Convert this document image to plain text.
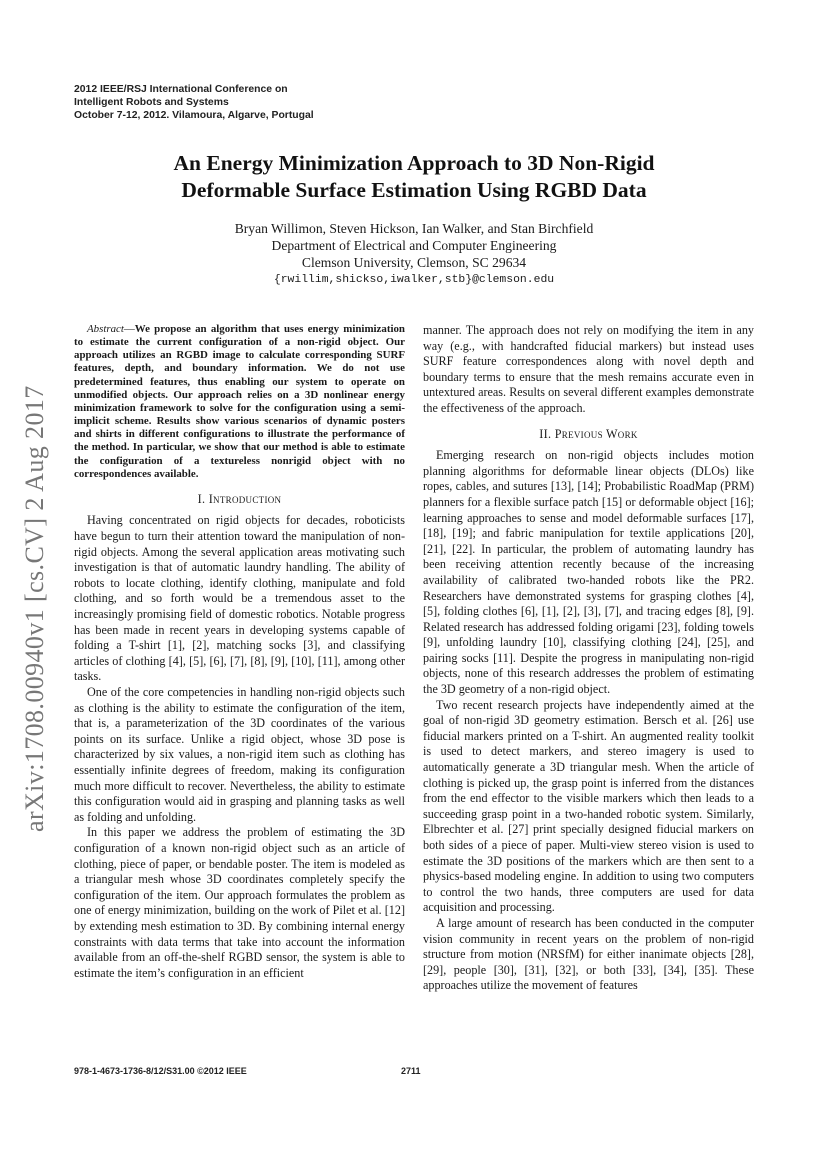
2012 IEEE/RSJ International Conference on
Intelligent Robots and Systems
October 7-12, 2012. Vilamoura, Algarve, Portugal
An Energy Minimization Approach to 3D Non-Rigid
Deformable Surface Estimation Using RGBD Data
Bryan Willimon, Steven Hickson, Ian Walker, and Stan Birchfield
Department of Electrical and Computer Engineering
Clemson University, Clemson, SC 29634
{rwillim,shickso,iwalker,stb}@clemson.edu
arXiv:1708.00940v1 [cs.CV] 2 Aug 2017

Abstract—We propose an algorithm that uses energy minimization to estimate the current configuration of a non-rigid object. Our approach utilizes an RGBD image to calculate corresponding SURF features, depth, and boundary information. We do not use predetermined features, thus enabling our system to operate on unmodified objects. Our approach relies on a 3D nonlinear energy minimization framework to solve for the configuration using a semi-implicit scheme. Results show various scenarios of dynamic posters and shirts in different configurations to illustrate the performance of the method. In particular, we show that our method is able to estimate the configuration of a textureless nonrigid object with no correspondences available.

I. Introduction

Having concentrated on rigid objects for decades, roboticists have begun to turn their attention toward the manipulation of non-rigid objects. Among the several application areas motivating such investigation is that of automatic laundry handling. The ability of robots to locate clothing, identify clothing, manipulate and fold clothing, and so forth would be a tremendous asset to the increasingly promising field of domestic robotics. Notable progress has been made in recent years in developing systems capable of folding a T-shirt [1], [2], matching socks [3], and classifying articles of clothing [4], [5], [6], [7], [8], [9], [10], [11], among other tasks.

One of the core competencies in handling non-rigid objects such as clothing is the ability to estimate the configuration of the item, that is, a parameterization of the 3D coordinates of the various points on its surface. Unlike a rigid object, whose 3D pose is characterized by six values, a non-rigid item such as clothing has essentially infinite degrees of freedom, making its configuration much more difficult to recover. Nevertheless, the ability to estimate this configuration would aid in grasping and planning tasks as well as folding and unfolding.

In this paper we address the problem of estimating the 3D configuration of a known non-rigid object such as an article of clothing, piece of paper, or bendable poster. The item is modeled as a triangular mesh whose 3D coordinates completely specify the configuration of the item. Our approach formulates the problem as one of energy minimization, building on the work of Pilet et al. [12] by extending mesh estimation to 3D. By combining internal energy constraints with data terms that take into account the information available from an off-the-shelf RGBD sensor, the system is able to estimate the item’s configuration in an efficient

manner. The approach does not rely on modifying the item in any way (e.g., with handcrafted fiducial markers) but instead uses SURF feature correspondences along with novel depth and boundary terms to ensure that the mesh remains accurate even in untextured areas. Results on several different examples demonstrate the effectiveness of the approach.

II. Previous Work

Emerging research on non-rigid objects includes motion planning algorithms for deformable linear objects (DLOs) like ropes, cables, and sutures [13], [14]; Probabilistic RoadMap (PRM) planners for a flexible surface patch [15] or deformable object [16]; learning approaches to sense and model deformable surfaces [17], [18], [19]; and fabric manipulation for textile applications [20], [21], [22]. In particular, the problem of automating laundry has been receiving attention recently because of the increasing availability of calibrated two-handed robots like the PR2. Researchers have demonstrated systems for grasping clothes [4], [5], folding clothes [6], [1], [2], [3], [7], and tracing edges [8], [9]. Related research has addressed folding origami [23], folding towels [9], unfolding laundry [10], classifying clothing [24], [25], and pairing socks [11]. Despite the progress in manipulating non-rigid objects, none of this research addresses the problem of estimating the 3D geometry of a non-rigid object.

Two recent research projects have independently aimed at the goal of non-rigid 3D geometry estimation. Bersch et al. [26] use fiducial markers printed on a T-shirt. An augmented reality toolkit is used to detect markers, and stereo imagery is used to automatically generate a 3D triangular mesh. When the article of clothing is picked up, the grasp point is inferred from the distances from the end effector to the visible markers which then leads to a succeeding grasp point in a two-handed robotic system. Similarly, Elbrechter et al. [27] print specially designed fiducial markers on both sides of a piece of paper. Multi-view stereo vision is used to estimate the 3D positions of the markers which are then sent to a physics-based modeling engine. In addition to using two computers to control the two hands, three computers are used for data acquisition and processing.

A large amount of research has been conducted in the computer vision community in recent years on the problem of non-rigid structure from motion (NRSfM) for either inanimate objects [28], [29], people [30], [31], [32], or both [33], [34], [35]. These approaches utilize the movement of features

978-1-4673-1736-8/12/S31.00 ©2012 IEEE	2711
